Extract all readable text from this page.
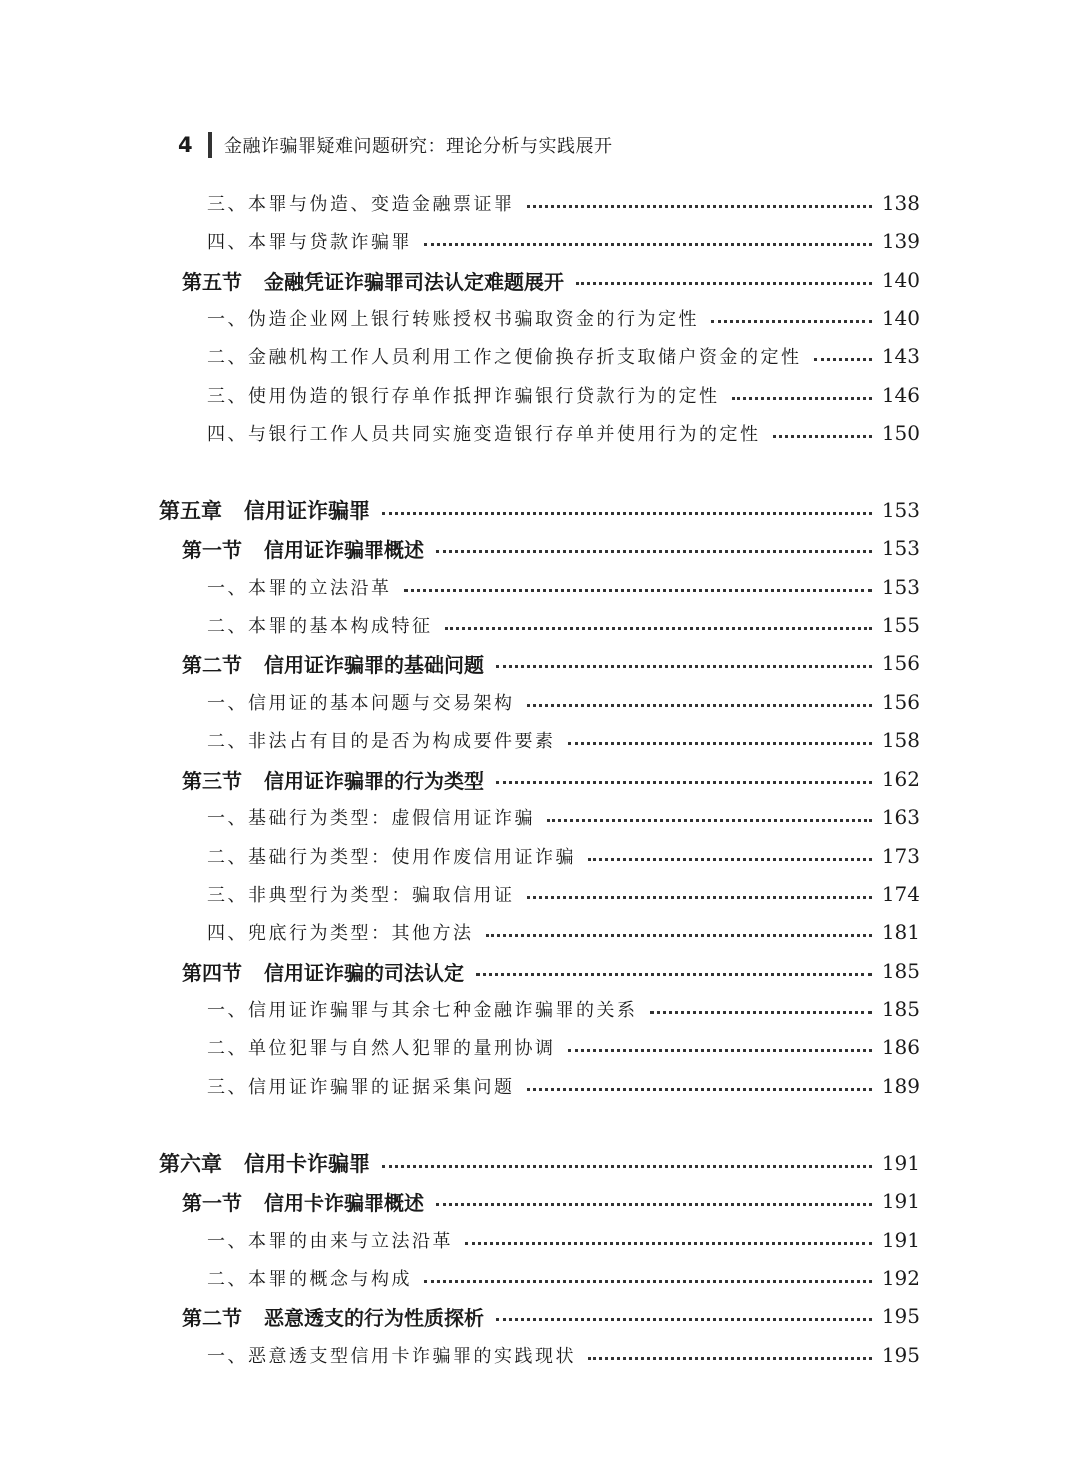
4	金融诈骗罪疑难问题研究：理论分析与实践展开
三、本罪与伪造、变造金融票证罪	138
四、本罪与贷款诈骗罪	139
第五节 金融凭证诈骗罪司法认定难题展开	140
一、伪造企业网上银行转账授权书骗取资金的行为定性	140
二、金融机构工作人员利用工作之便偷换存折支取储户资金的定性	143
三、使用伪造的银行存单作抵押诈骗银行贷款行为的定性	146
四、与银行工作人员共同实施变造银行存单并使用行为的定性	150
第五章 信用证诈骗罪	153
第一节 信用证诈骗罪概述	153
一、本罪的立法沿革	153
二、本罪的基本构成特征	155
第二节 信用证诈骗罪的基础问题	156
一、信用证的基本问题与交易架构	156
二、非法占有目的是否为构成要件要素	158
第三节 信用证诈骗罪的行为类型	162
一、基础行为类型：虚假信用证诈骗	163
二、基础行为类型：使用作废信用证诈骗	173
三、非典型行为类型：骗取信用证	174
四、兜底行为类型：其他方法	181
第四节 信用证诈骗的司法认定	185
一、信用证诈骗罪与其余七种金融诈骗罪的关系	185
二、单位犯罪与自然人犯罪的量刑协调	186
三、信用证诈骗罪的证据采集问题	189
第六章 信用卡诈骗罪	191
第一节 信用卡诈骗罪概述	191
一、本罪的由来与立法沿革	191
二、本罪的概念与构成	192
第二节 恶意透支的行为性质探析	195
一、恶意透支型信用卡诈骗罪的实践现状	195
